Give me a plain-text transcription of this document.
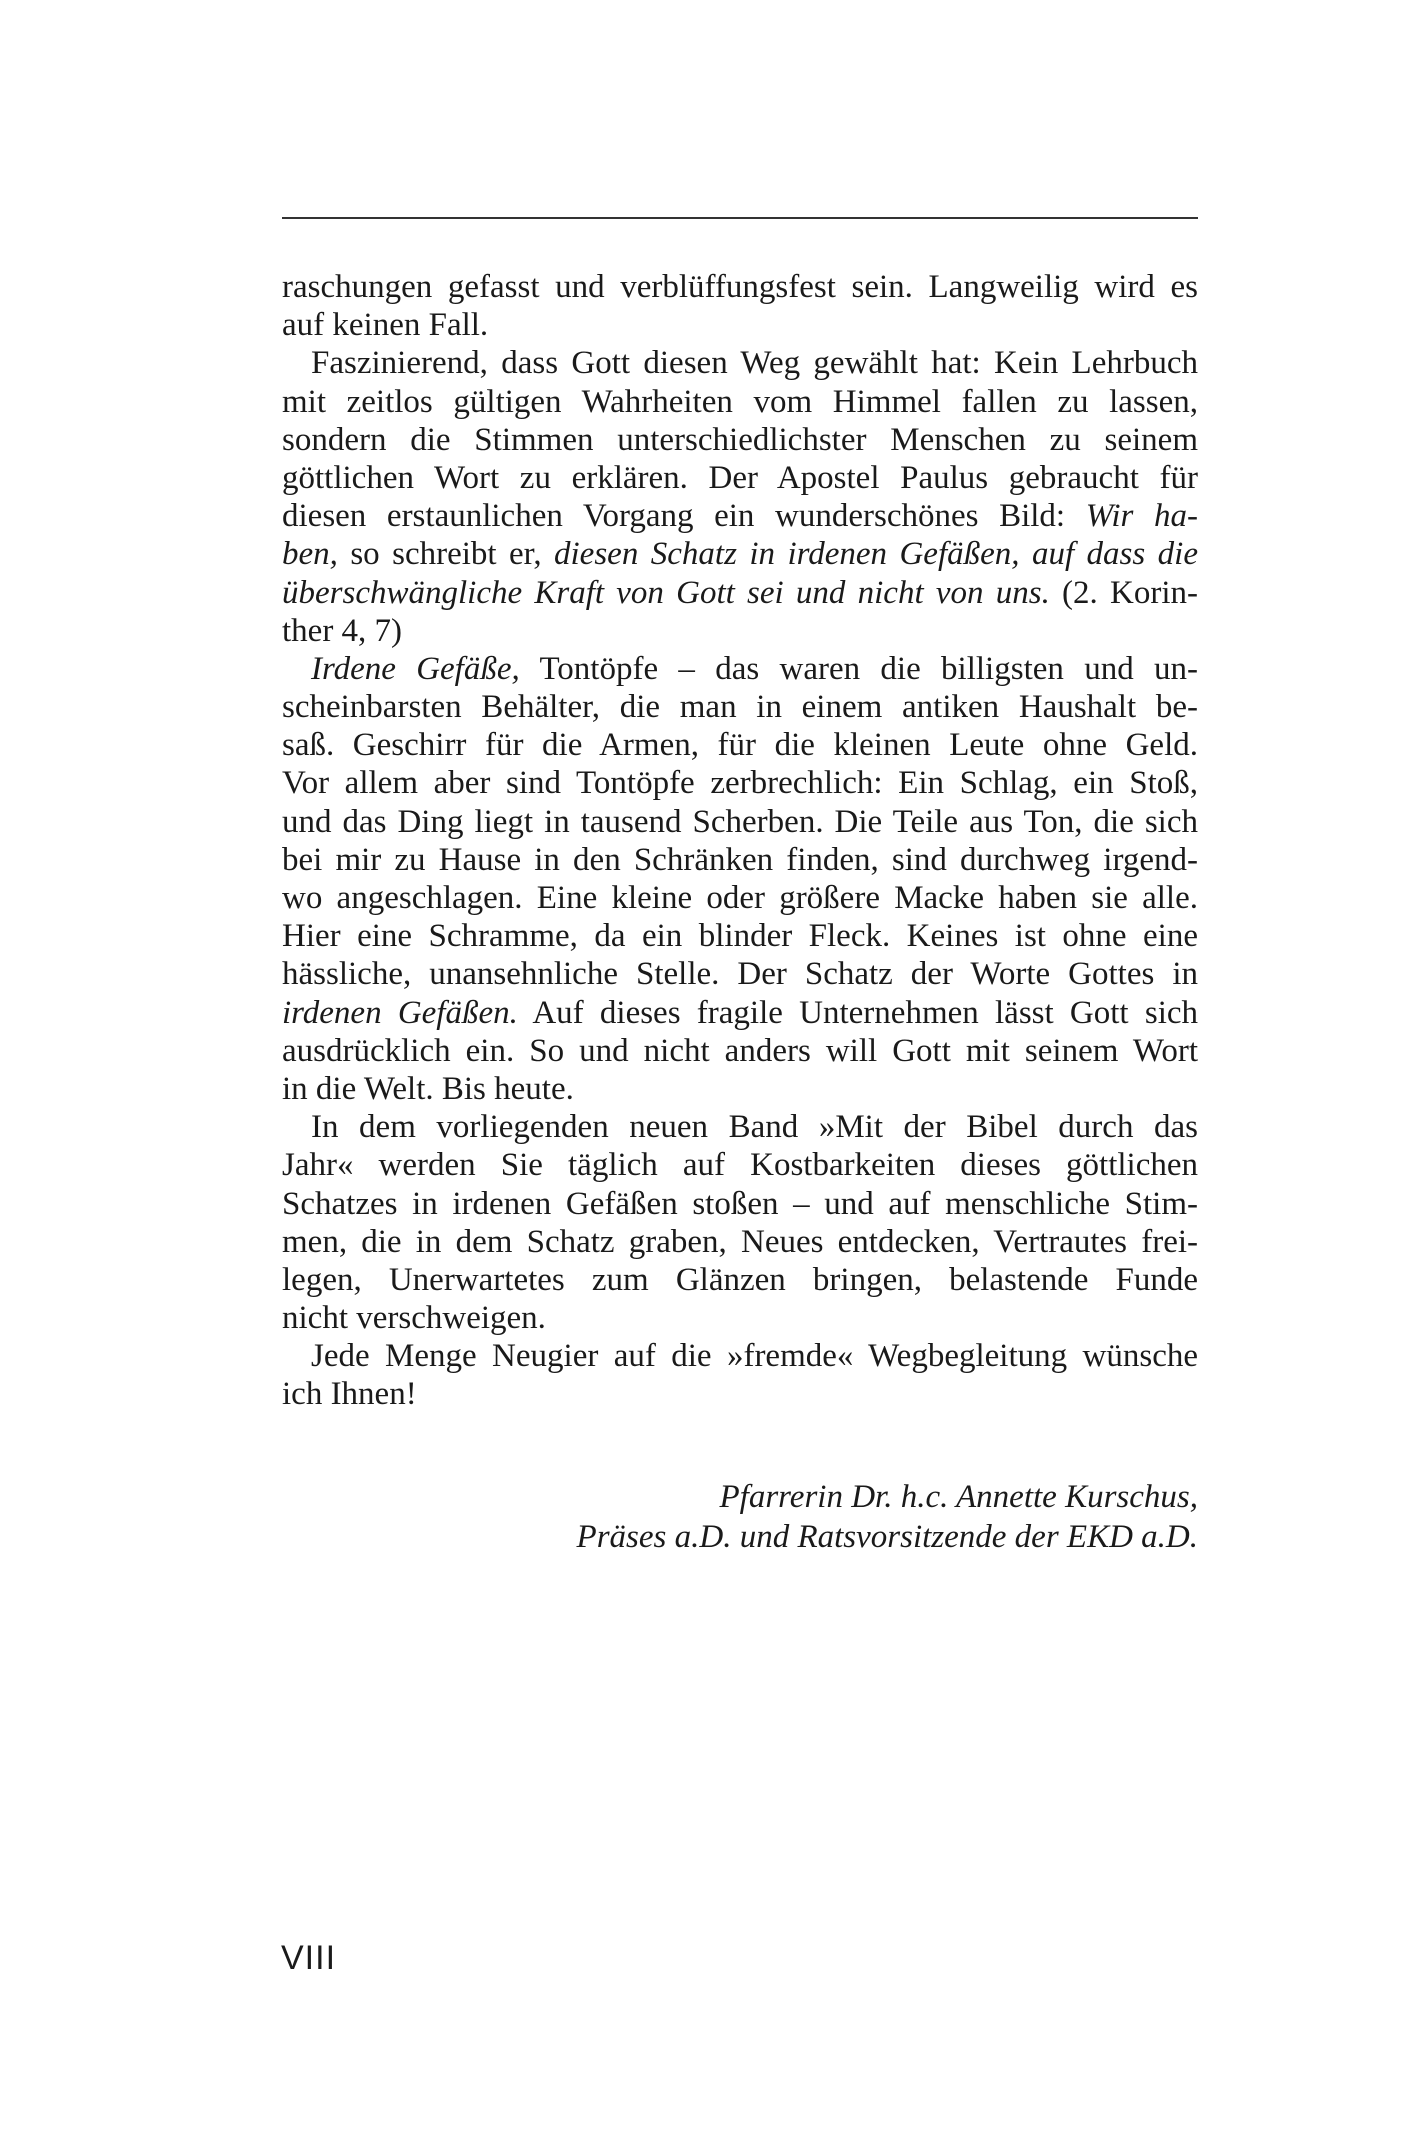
raschungen gefasst und verblüffungsfest sein. Langweilig wird es
auf keinen Fall.
Faszinierend, dass Gott diesen Weg gewählt hat: Kein Lehrbuch
mit zeitlos gültigen Wahrheiten vom Himmel fallen zu lassen,
sondern die Stimmen unterschiedlichster Menschen zu seinem
göttlichen Wort zu erklären. Der Apostel Paulus gebraucht für
diesen erstaunlichen Vorgang ein wunderschönes Bild: Wir ha-
ben, so schreibt er, diesen Schatz in irdenen Gefäßen, auf dass die
überschwängliche Kraft von Gott sei und nicht von uns. (2. Korin-
ther 4, 7)
Irdene Gefäße, Tontöpfe – das waren die billigsten und un-
scheinbarsten Behälter, die man in einem antiken Haushalt be-
saß. Geschirr für die Armen, für die kleinen Leute ohne Geld.
Vor allem aber sind Tontöpfe zerbrechlich: Ein Schlag, ein Stoß,
und das Ding liegt in tausend Scherben. Die Teile aus Ton, die sich
bei mir zu Hause in den Schränken finden, sind durchweg irgend-
wo angeschlagen. Eine kleine oder größere Macke haben sie alle.
Hier eine Schramme, da ein blinder Fleck. Keines ist ohne eine
hässliche, unansehnliche Stelle. Der Schatz der Worte Gottes in
irdenen Gefäßen. Auf dieses fragile Unternehmen lässt Gott sich
ausdrücklich ein. So und nicht anders will Gott mit seinem Wort
in die Welt. Bis heute.
In dem vorliegenden neuen Band »Mit der Bibel durch das
Jahr« werden Sie täglich auf Kostbarkeiten dieses göttlichen
Schatzes in irdenen Gefäßen stoßen – und auf menschliche Stim-
men, die in dem Schatz graben, Neues entdecken, Vertrautes frei-
legen, Unerwartetes zum Glänzen bringen, belastende Funde
nicht verschweigen.
Jede Menge Neugier auf die »fremde« Wegbegleitung wünsche
ich Ihnen!
Pfarrerin Dr. h.c. Annette Kurschus,
Präses a.D. und Ratsvorsitzende der EKD a.D.
VIII
